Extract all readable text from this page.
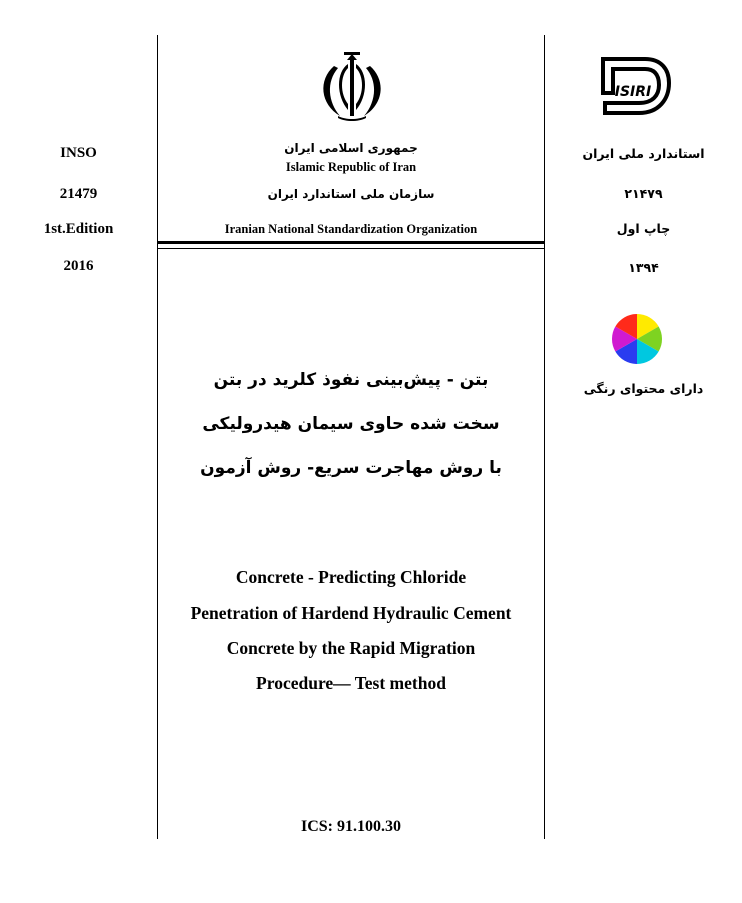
INSO
21479
1st.Edition
2016
جمهوری اسلامی ایران
Islamic Republic of Iran
سازمان ملی استاندارد ایران
Iranian National Standardization Organization
بتن - پیش‌بینی نفوذ کلرید در بتن
سخت شده حاوی سیمان هیدرولیکی
با روش مهاجرت سریع- روش آزمون
Concrete - Predicting Chloride
Penetration of Hardend Hydraulic Cement
Concrete by the Rapid Migration
Procedure— Test method
ICS: 91.100.30
ISIRI
استاندارد ملی ایران
۲۱۴۷۹
چاپ اول
۱۳۹۴
دارای محتوای رنگی
